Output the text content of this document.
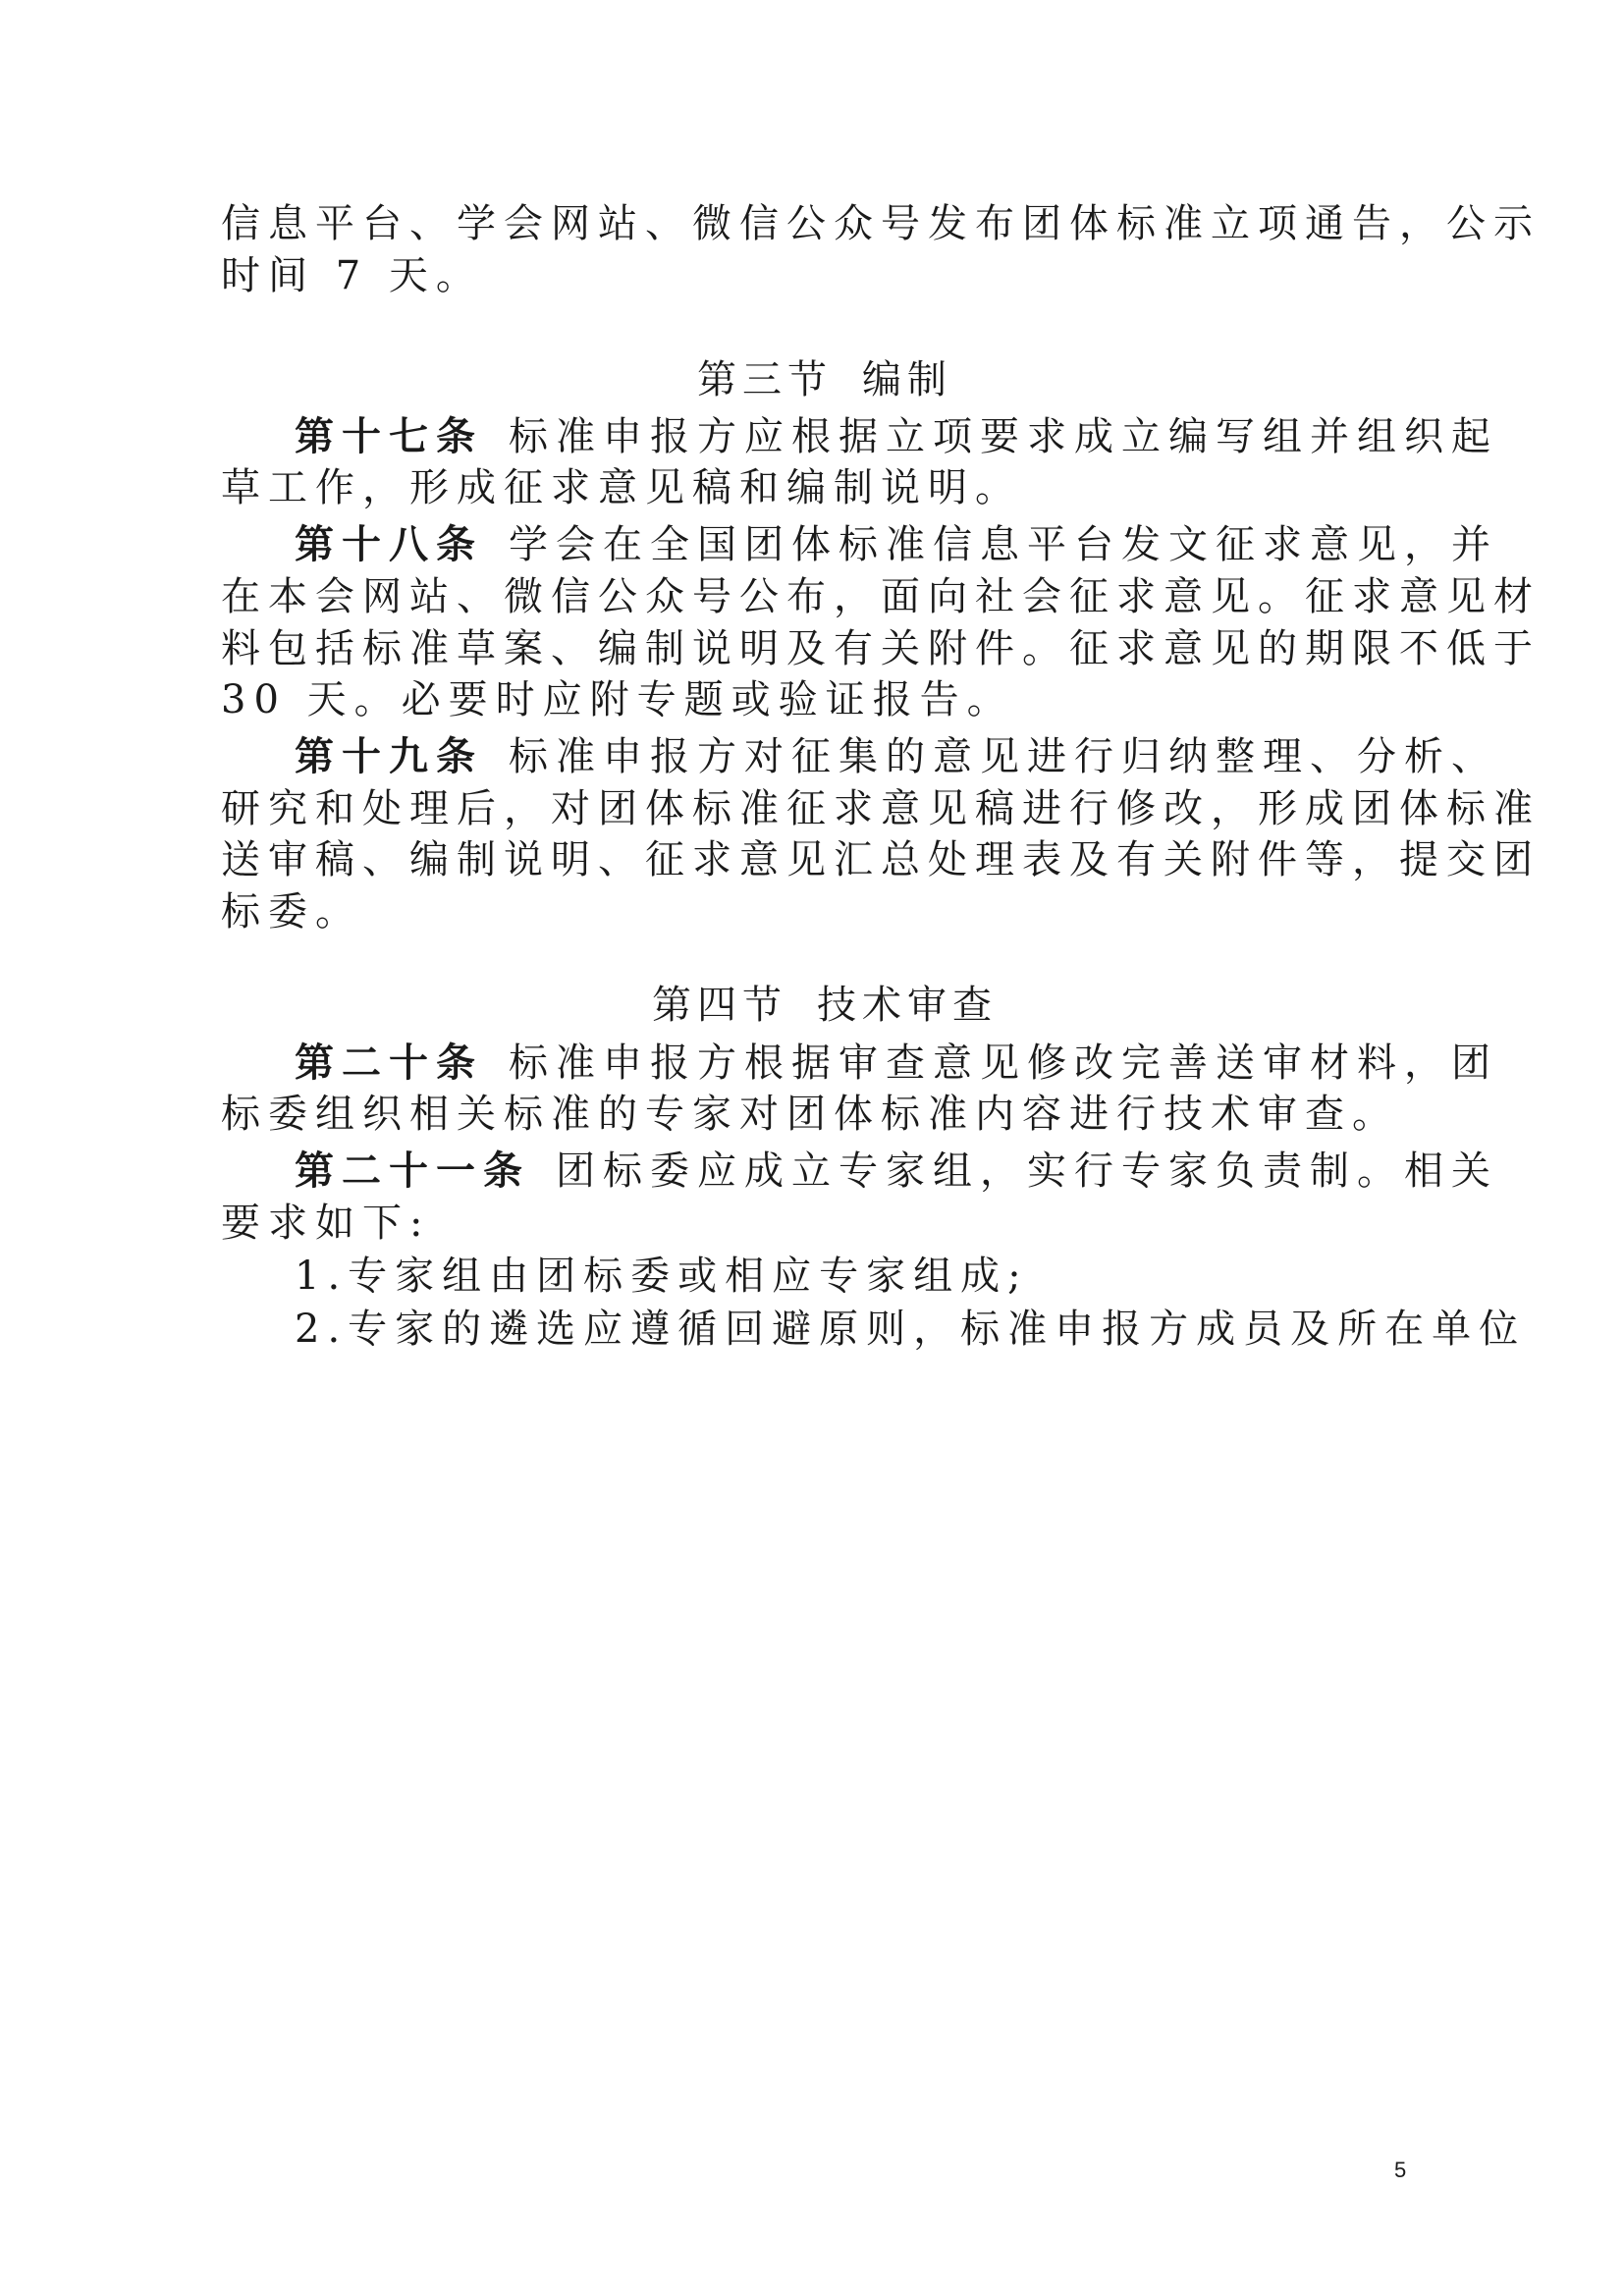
信息平台、学会网站、微信公众号发布团体标准立项通告，公示
时间 7 天。
第三节 编制
第十七条 标准申报方应根据立项要求成立编写组并组织起
草工作，形成征求意见稿和编制说明。
第十八条 学会在全国团体标准信息平台发文征求意见，并
在本会网站、微信公众号公布，面向社会征求意见。征求意见材
料包括标准草案、编制说明及有关附件。征求意见的期限不低于
30 天。必要时应附专题或验证报告。
第十九条 标准申报方对征集的意见进行归纳整理、分析、
研究和处理后，对团体标准征求意见稿进行修改，形成团体标准
送审稿、编制说明、征求意见汇总处理表及有关附件等，提交团
标委。
第四节 技术审查
第二十条 标准申报方根据审查意见修改完善送审材料，团
标委组织相关标准的专家对团体标准内容进行技术审查。
第二十一条 团标委应成立专家组，实行专家负责制。相关
要求如下:
1.专家组由团标委或相应专家组成;
2.专家的遴选应遵循回避原则，标准申报方成员及所在单位
5
